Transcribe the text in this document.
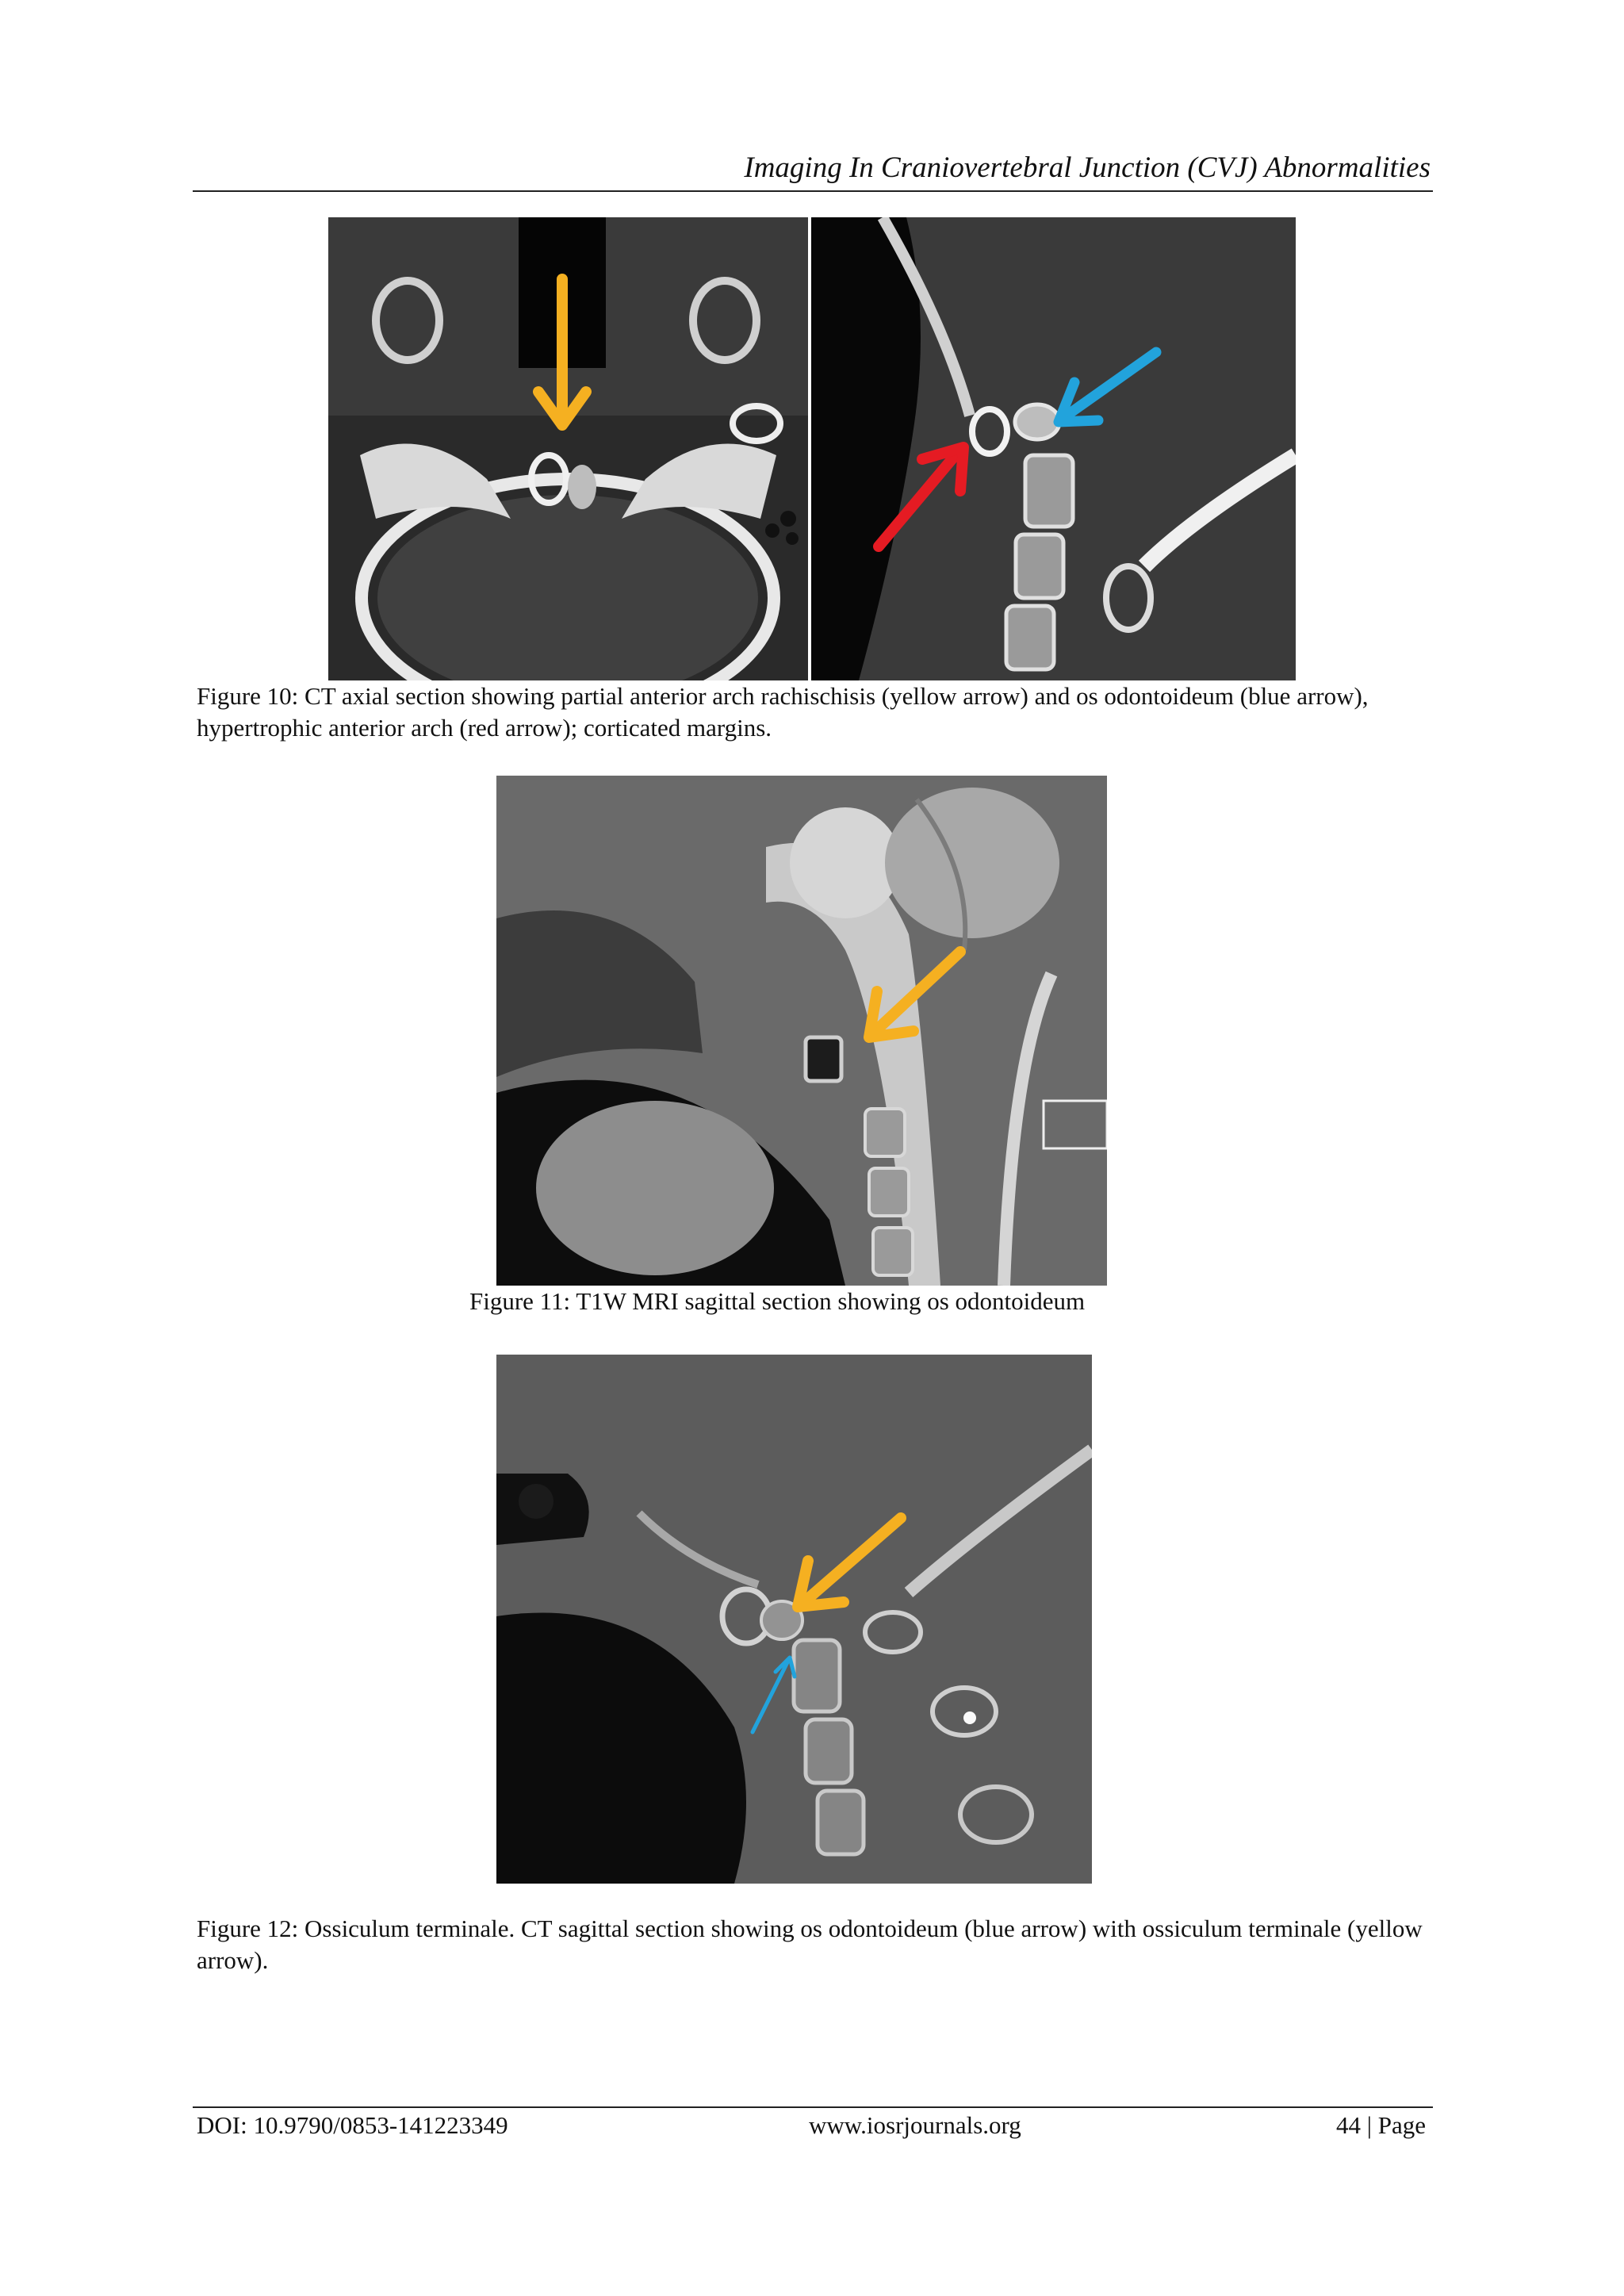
Imaging In Craniovertebral Junction (CVJ) Abnormalities
Figure 10: CT axial section showing partial anterior arch rachischisis (yellow arrow) and os odontoideum (blue arrow), hypertrophic anterior arch (red arrow); corticated margins.
Figure 11: T1W MRI sagittal section showing os odontoideum
Figure 12: Ossiculum terminale. CT sagittal section showing os odontoideum (blue arrow) with ossiculum terminale (yellow arrow).
DOI: 10.9790/0853-141223349	www.iosrjournals.org	44 | Page
